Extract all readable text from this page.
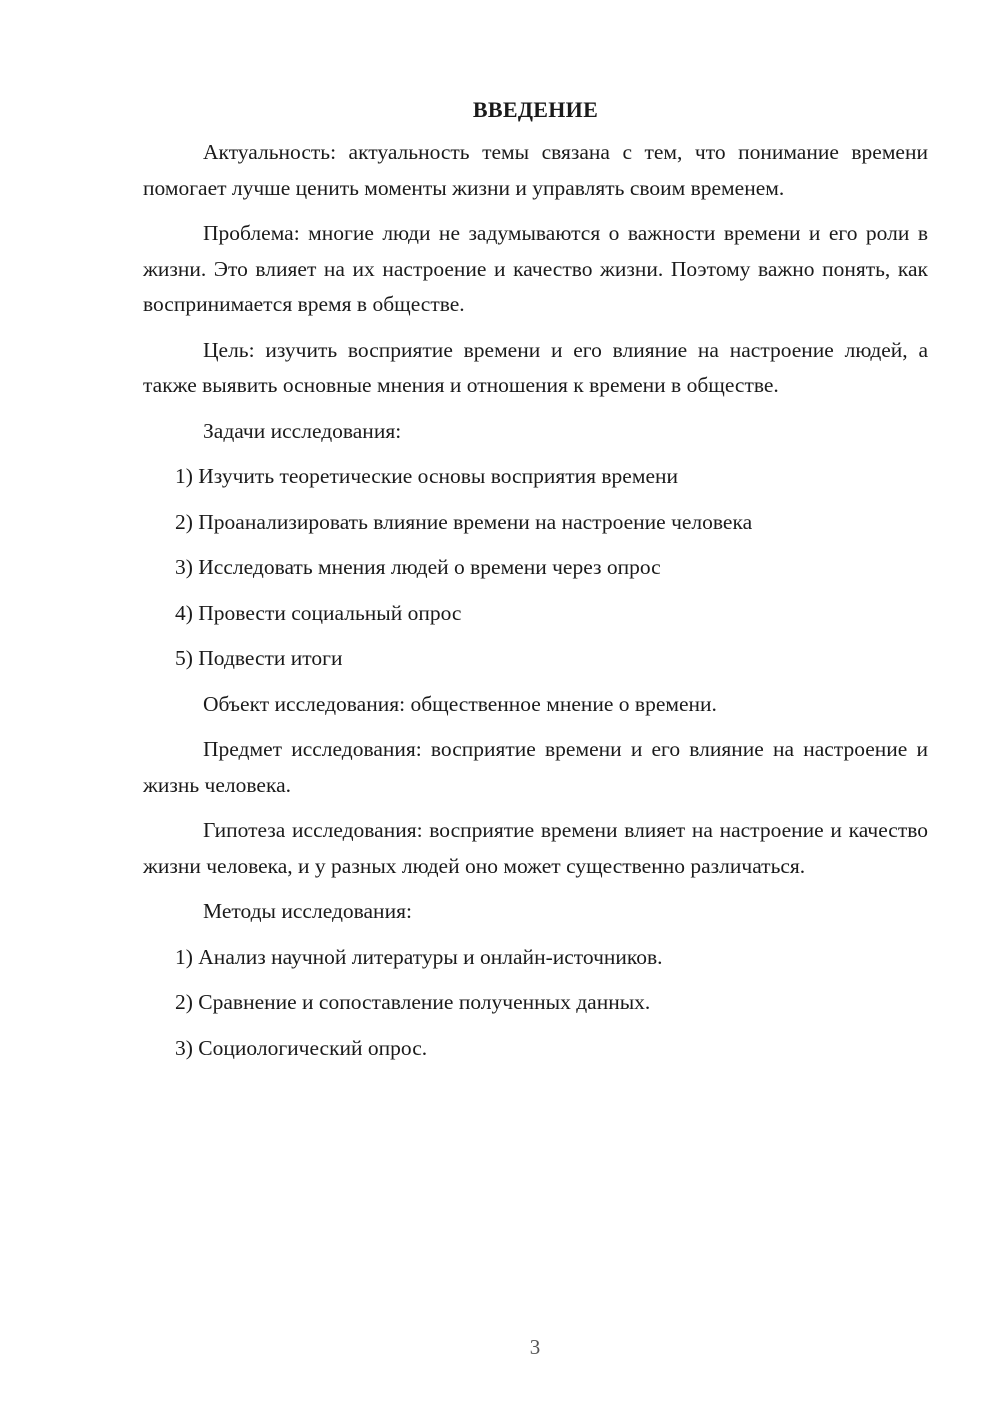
ВВЕДЕНИЕ

Актуальность: актуальность темы связана с тем, что понимание времени помогает лучше ценить моменты жизни и управлять своим временем.

Проблема: многие люди не задумываются о важности времени и его роли в жизни. Это влияет на их настроение и качество жизни. Поэтому важно понять, как воспринимается время в обществе.

Цель: изучить восприятие времени и его влияние на настроение людей, а также выявить основные мнения и отношения к времени в обществе.

Задачи исследования:
1) Изучить теоретические основы восприятия времени
2) Проанализировать влияние времени на настроение человека
3) Исследовать мнения людей о времени через опрос
4) Провести социальный опрос
5) Подвести итоги
Объект исследования: общественное мнение о времени.

Предмет исследования: восприятие времени и его влияние на настроение и жизнь человека.

Гипотеза исследования: восприятие времени влияет на настроение и качество жизни человека, и у разных людей оно может существенно различаться.

Методы исследования:
1) Анализ научной литературы и онлайн-источников.
2) Сравнение и сопоставление полученных данных.
3) Социологический опрос.
3
